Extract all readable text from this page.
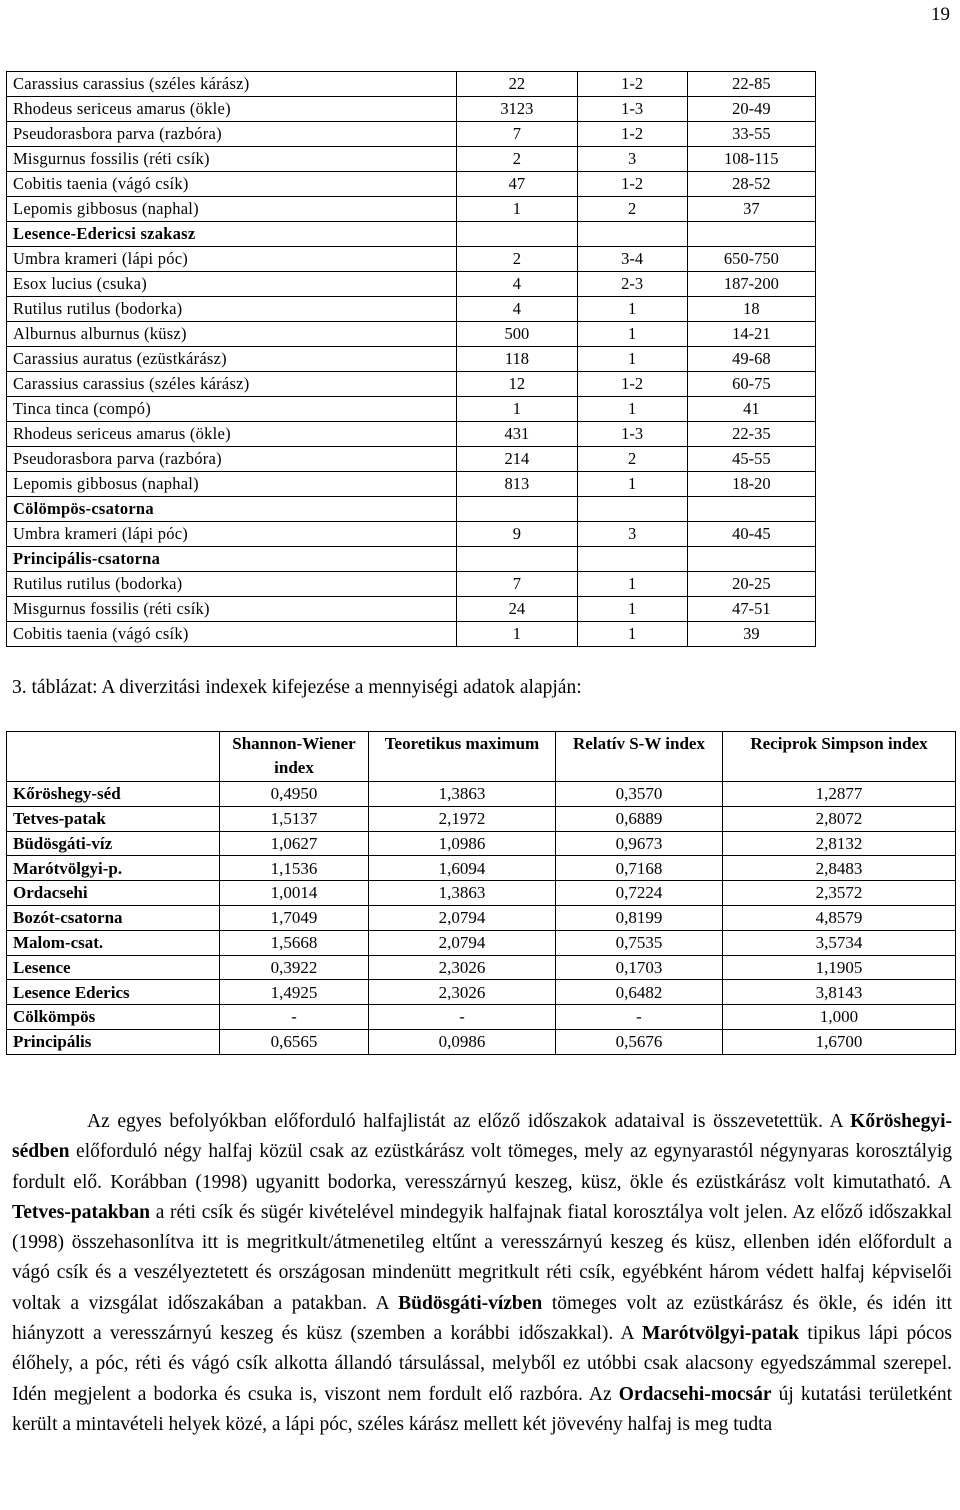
19
Carassius carassius (széles kárász)	22	1-2	22-85
Rhodeus sericeus amarus (ökle)	3123	1-3	20-49
Pseudorasbora parva (razbóra)	7	1-2	33-55
Misgurnus fossilis (réti csík)	2	3	108-115
Cobitis taenia (vágó csík)	47	1-2	28-52
Lepomis gibbosus (naphal)	1	2	37
Lesence-Edericsi szakasz			
Umbra krameri (lápi póc)	2	3-4	650-750
Esox lucius (csuka)	4	2-3	187-200
Rutilus rutilus (bodorka)	4	1	18
Alburnus alburnus (küsz)	500	1	14-21
Carassius auratus (ezüstkárász)	118	1	49-68
Carassius carassius (széles kárász)	12	1-2	60-75
Tinca tinca (compó)	1	1	41
Rhodeus sericeus amarus (ökle)	431	1-3	22-35
Pseudorasbora parva (razbóra)	214	2	45-55
Lepomis gibbosus (naphal)	813	1	18-20
Cölömpös-csatorna			
Umbra krameri (lápi póc)	9	3	40-45
Principális-csatorna			
Rutilus rutilus (bodorka)	7	1	20-25
Misgurnus fossilis (réti csík)	24	1	47-51
Cobitis taenia (vágó csík)	1	1	39
3. táblázat: A diverzitási indexek kifejezése a mennyiségi adatok alapján:
	Shannon-Wiener index	Teoretikus maximum	Relatív S-W index	Reciprok Simpson index
Kőröshegy-séd	0,4950	1,3863	0,3570	1,2877
Tetves-patak	1,5137	2,1972	0,6889	2,8072
Büdösgáti-víz	1,0627	1,0986	0,9673	2,8132
Marótvölgyi-p.	1,1536	1,6094	0,7168	2,8483
Ordacsehi	1,0014	1,3863	0,7224	2,3572
Bozót-csatorna	1,7049	2,0794	0,8199	4,8579
Malom-csat.	1,5668	2,0794	0,7535	3,5734
Lesence	0,3922	2,3026	0,1703	1,1905
Lesence Ederics	1,4925	2,3026	0,6482	3,8143
Cölkömpös	-	-	-	1,000
Principális	0,6565	0,0986	0,5676	1,6700
Az egyes befolyókban előforduló halfajlistát az előző időszakok adataival is összevetettük. A Kőröshegyi-sédben előforduló négy halfaj közül csak az ezüstkárász volt tömeges, mely az egynyarastól négynyaras korosztályig fordult elő. Korábban (1998) ugyanitt bodorka, veresszárnyú keszeg, küsz, ökle és ezüstkárász volt kimutatható. A Tetves-patakban a réti csík és sügér kivételével mindegyik halfajnak fiatal korosztálya volt jelen. Az előző időszakkal (1998) összehasonlítva itt is megritkult/átmenetileg eltűnt a veresszárnyú keszeg és küsz, ellenben idén előfordult a vágó csík és a veszélyeztetett és országosan mindenütt megritkult réti csík, egyébként három védett halfaj képviselői voltak a vizsgálat időszakában a patakban. A Büdösgáti-vízben tömeges volt az ezüstkárász és ökle, és idén itt hiányzott a veresszárnyú keszeg és küsz (szemben a korábbi időszakkal). A Marótvölgyi-patak tipikus lápi pócos élőhely, a póc, réti és vágó csík alkotta állandó társulással, melyből ez utóbbi csak alacsony egyedszámmal szerepel. Idén megjelent a bodorka és csuka is, viszont nem fordult elő razbóra. Az Ordacsehi-mocsár új kutatási területként került a mintavételi helyek közé, a lápi póc, széles kárász mellett két jövevény halfaj is meg tudta
